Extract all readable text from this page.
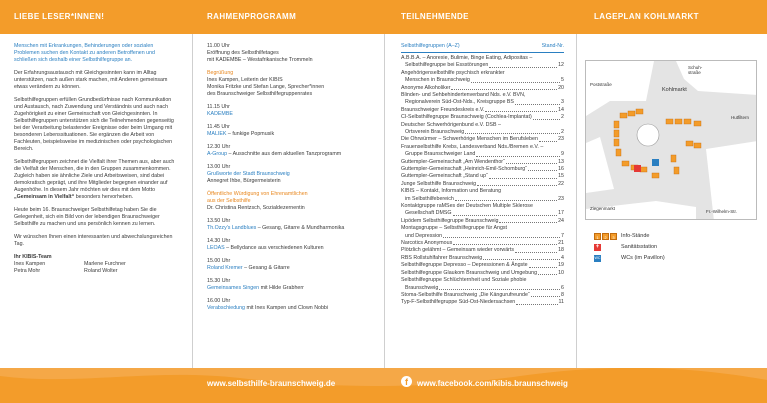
LIEBE LESER*INNEN!	RAHMENPROGRAMM	TEILNEHMENDE	LAGEPLAN KOHLMARKT

Menschen mit Erkrankungen, Behinderungen oder sozialen Problemen suchen den Kontakt zu anderen Betroffenen und schließen sich deshalb einer Selbsthilfegruppe an.

Der Erfahrungsaustausch mit Gleichgesinnten kann im Alltag unterstützen, nach außen stark machen, mit Anderen gemeinsam etwas verändern zu können.

Selbsthilfegruppen erfüllen Grundbedürfnisse nach Kommunikation und Austausch, nach Zuwendung und Verständnis und auch nach Zugehörigkeit zu einer Gemeinschaft von Gleichgesinnten. In Selbsthilfegruppen unterstützen sich die Teilnehmenden gegenseitig bei der Verarbeitung belastender Ereignisse oder beim Umgang mit besonderen Lebenssituationen. Sie ergänzen die Arbeit von Fachleuten, beispielsweise im medizinischen oder psychologischen Bereich.

Selbsthilfegruppen zeichnet die Vielfalt ihrer Themen aus, aber auch die Vielfalt der Menschen, die in den Gruppen zusammenkommen. Zugleich haben sie ähnliche Ziele und Arbeitsweisen, sind dabei demokratisch geprägt, und ihre Mitglieder begegnen einander auf Augenhöhe. In diesem Jahr möchten wir dies mit dem Motto „Gemeinsam in Vielfalt“ besonders hervorheben.

Heute beim 16. Braunschweiger Selbsthilfetag haben Sie die Gelegenheit, sich ein Bild von der lebendigen Braunschweiger Selbsthilfe zu machen und uns persönlich kennen zu lernen.

Wir wünschen Ihnen einen interessanten und abwechslungsreichen Tag.

Ihr KIBIS-Team
Ines Kampen	Marlene Furchner
Petra Mohr	Roland Wolter
11.00 Uhr
Eröffnung des Selbsthilfetages
mit KADEMBE – Westafrikanische Trommeln
Begrüßung
Ines Kampen, Leiterin der KIBIS
Monika Fritzke und Stefan Lange, Sprecher*innen
des Braunschweiger Selbsthilfegruppenrates
11.15 Uhr
KADEMBE
11.45 Uhr
MALIEK – funkige Popmusik
12.30 Uhr
A-Group – Ausschnitte aus dem aktuellen Tanzprogramm
13.00 Uhr
Grußworte der Stadt Braunschweig
Annegret Ihbe, Bürgermeisterin
Öffentliche Würdigung von Ehrenamtlichen
aus der Selbsthilfe
Dr. Christina Rentzsch, Sozialdezernentin
13.50 Uhr
Th.Ozzy's Landblues – Gesang, Gitarre & Mundharmonika
14.30 Uhr
LEOAS – Bellydance aus verschiedenen Kulturen
15.00 Uhr
Roland Kremer – Gesang & Gitarre
15.30 Uhr
Gemeinsames Singen mit Hilde Grabherr
16.00 Uhr
Verabschiedung mit Ines Kampen und Clown Nobbi
Selbsthilfegruppen (A–Z)	Stand-Nr.
A.B.B.A. – Anorexie, Bulimie, Binge Eating, Adipositas –
Selbsthilfegruppe bei Essstörungen	12
Angehörigenselbsthilfe psychisch erkrankter
Menschen in Braunschweig	5
Anonyme Alkoholiker	20
Blinden- und Sehbehindertenverband Nds. e.V. BVN,
Regionalverein Süd-Ost-Nds., Kreisgruppe BS	3
Braunschweiger Freundeskreis e.V.	14
CI-Selbsthilfegruppe Braunschweig (Cochlea-Implantat)	2
Deutscher Schwerhörigenbund e.V. DSB –
Ortsverein Braunschweig	2
Die Ohrwürmer – Schwerhörige Menschen im Berufsleben	23
Frauenselbsthilfe Krebs, Landesverband Nds./Bremen e.V. –
Gruppe Braunschweiger Land	9
Guttempler-Gemeinschaft „Am Wendenthor“	13
Guttempler-Gemeinschaft „Heinrich-Emil-Schomburg“	16
Guttempler-Gemeinschaft „Stand up“	15
Junge Selbsthilfe Braunschweig	22
KIBIS – Kontakt, Information und Beratung
im Selbsthilfebereich	23
Kontaktgruppe raMSes der Deutschen Multiple Sklerose
Gesellschaft DMSG	17
Lipödem Selbsthilfegruppe Braunschweig	24
Montagsgruppe – Selbsthilfegruppe für Angst
und Depression	7
Narcotics Anonymous	21
Plötzlich gelähmt – Gemeinsam wieder vorwärts	18
RBS Rollstuhlfahrer Braunschweig	4
Selbsthilfegruppe Depresso – Depressionen & Ängste	19
Selbsthilfegruppe Glaukom Braunschweig und Umgebung	10
Selbsthilfegruppe Schlüchternheit und Soziale phobie
Braunschweig	6
Stoma-Selbsthilfe Braunschweig „Die Kängurufreunde“	8
Typ-F-Selbsthilfegruppe Süd-Ost-Niedersachsen	11
Schuh-straße
Poststraße
Kohlmarkt
Hutfiltern
Ziegenmarkt
Fr.-Wilhelm-Str.
1	2	3	Info-Stände
+	Sanitätsstation
WC	WCs (im Pavillon)
www.selbsthilfe-braunschweig.de	f	www.facebook.com/kibis.braunschweig
